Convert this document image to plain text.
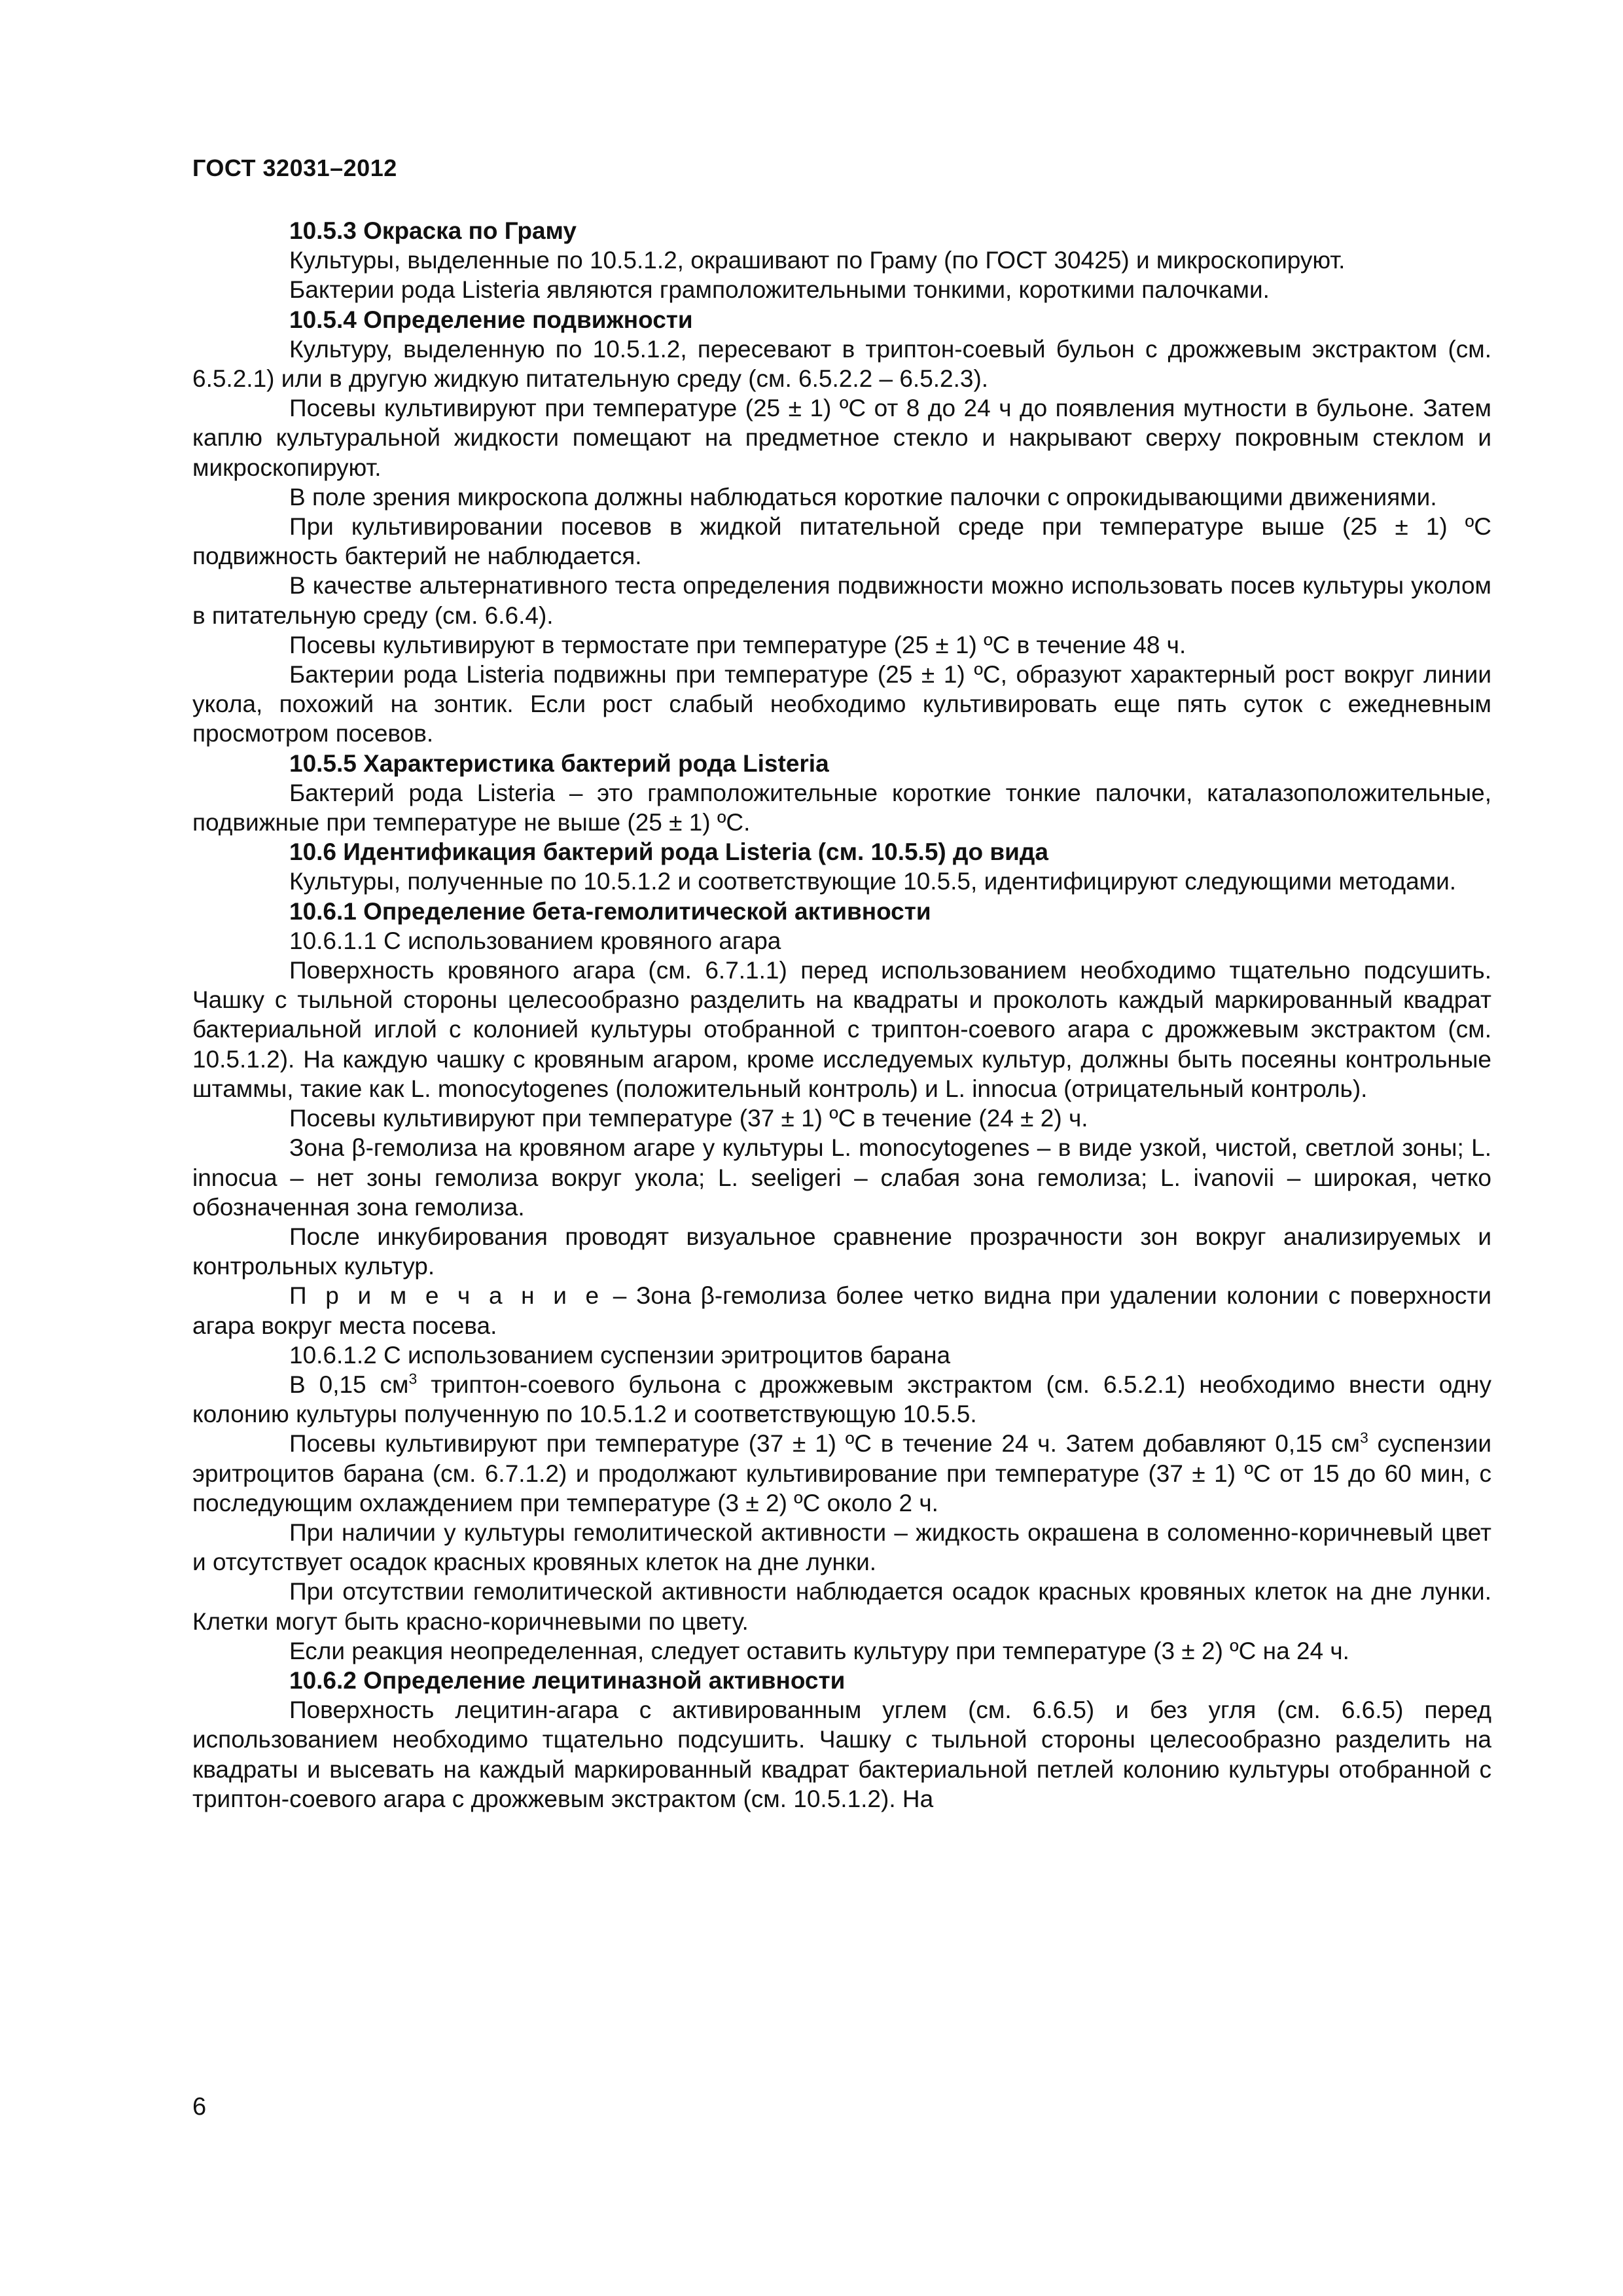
ГОСТ 32031–2012

10.5.3 Окраска по Граму

Культуры, выделенные по 10.5.1.2, окрашивают по Граму (по ГОСТ 30425) и микроскопируют.

Бактерии рода Listeria являются грамположительными тонкими, короткими палочками.

10.5.4 Определение подвижности

Культуру, выделенную по 10.5.1.2, пересевают в триптон-соевый бульон с дрожжевым экстрактом (см. 6.5.2.1) или в другую жидкую питательную среду (см. 6.5.2.2 – 6.5.2.3).

Посевы культивируют при температуре (25 ± 1) ºС от 8 до 24 ч до появления мутности в бульоне. Затем каплю культуральной жидкости помещают на предметное стекло и накрывают сверху покровным стеклом и микроскопируют.

В поле зрения микроскопа должны наблюдаться короткие палочки с опрокидывающими движениями.

При культивировании посевов в жидкой питательной среде при температуре выше (25 ± 1) ºС подвижность бактерий не наблюдается.

В качестве альтернативного теста определения подвижности можно использовать посев культуры уколом в питательную среду (см. 6.6.4).

Посевы культивируют в термостате при температуре (25 ± 1) ºС в течение 48 ч.

Бактерии рода Listeria подвижны при температуре (25 ± 1) ºС, образуют характерный рост вокруг линии укола, похожий на зонтик. Если рост слабый необходимо культивировать еще пять суток с ежедневным просмотром посевов.

10.5.5 Характеристика бактерий рода Listeria

Бактерий рода Listeria – это грамположительные короткие тонкие палочки, каталазоположительные, подвижные при температуре не выше (25 ± 1) ºС.

10.6 Идентификация бактерий рода Listeria (см. 10.5.5) до вида

Культуры, полученные по 10.5.1.2 и соответствующие 10.5.5, идентифицируют следующими методами.

10.6.1 Определение бета-гемолитической активности

10.6.1.1 С использованием кровяного агара

Поверхность кровяного агара (см. 6.7.1.1) перед использованием необходимо тщательно подсушить. Чашку с тыльной стороны целесообразно разделить на квадраты и проколоть каждый маркированный квадрат бактериальной иглой с колонией культуры отобранной с триптон-соевого агара с дрожжевым экстрактом (см. 10.5.1.2). На каждую чашку с кровяным агаром, кроме исследуемых культур, должны быть посеяны контрольные штаммы, такие как L. monocytogenes (положительный контроль) и L. innocua (отрицательный контроль).

Посевы культивируют при температуре (37 ± 1) ºС в течение (24 ± 2) ч.

Зона β-гемолиза на кровяном агаре у культуры L. monocytogenes – в виде узкой, чистой, светлой зоны; L. innocua – нет зоны гемолиза вокруг укола; L. seeligeri – слабая зона гемолиза; L. ivanovii – широкая, четко обозначенная зона гемолиза.

После инкубирования проводят визуальное сравнение прозрачности зон вокруг анализируемых и контрольных культур.

П р и м е ч а н и е – Зона β-гемолиза более четко видна при удалении колонии с поверхности агара вокруг места посева.

10.6.1.2 С использованием суспензии эритроцитов барана

В 0,15 $см^3$ триптон-соевого бульона с дрожжевым экстрактом (см. 6.5.2.1) необходимо внести одну колонию культуры полученную по 10.5.1.2 и соответствующую 10.5.5.

Посевы культивируют при температуре (37 ± 1) ºС в течение 24 ч. Затем добавляют 0,15 $см^3$ суспензии эритроцитов барана (см. 6.7.1.2) и продолжают культивирование при температуре (37 ± 1) ºС от 15 до 60 мин, с последующим охлаждением при температуре (3 ± 2) ºС около 2 ч.

При наличии у культуры гемолитической активности – жидкость окрашена в соломенно-коричневый цвет и отсутствует осадок красных кровяных клеток на дне лунки.

При отсутствии гемолитической активности наблюдается осадок красных кровяных клеток на дне лунки. Клетки могут быть красно-коричневыми по цвету.

Если реакция неопределенная, следует оставить культуру при температуре (3 ± 2) ºС на 24 ч.

10.6.2 Определение лецитиназной активности

Поверхность лецитин-агара с активированным углем (см. 6.6.5) и без угля (см. 6.6.5) перед использованием необходимо тщательно подсушить. Чашку с тыльной стороны целесообразно разделить на квадраты и высевать на каждый маркированный квадрат бактериальной петлей колонию культуры отобранной с триптон-соевого агара с дрожжевым экстрактом (см. 10.5.1.2). На

6
